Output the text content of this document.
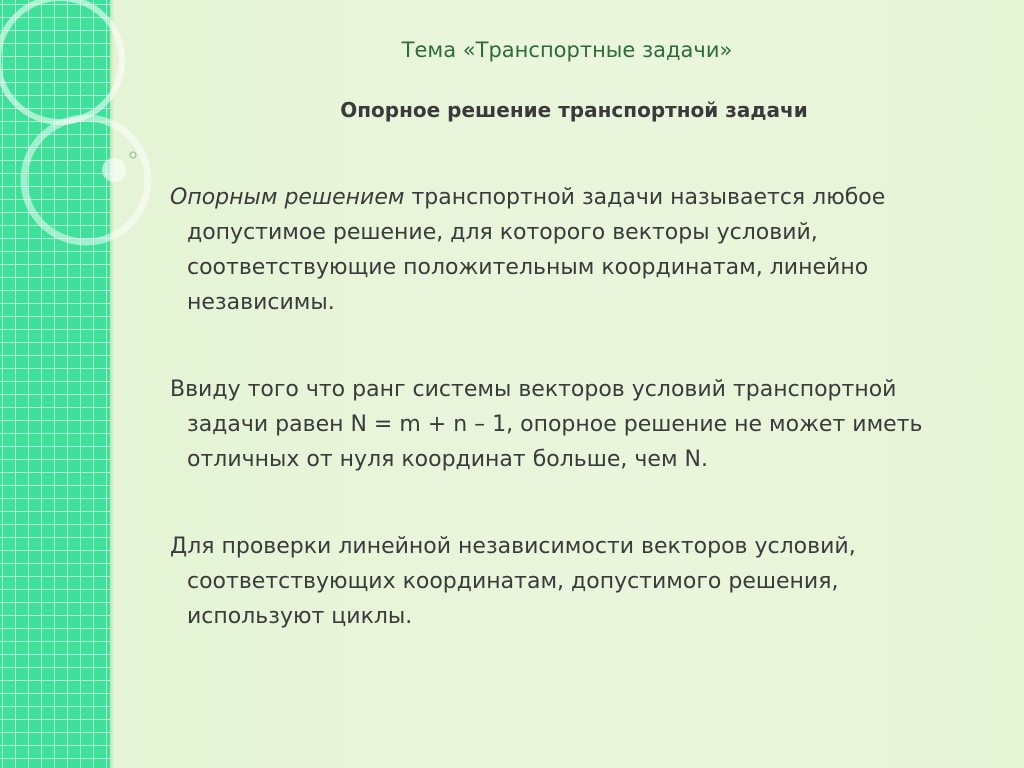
Тема «Транспортные задачи»
Опорное решение транспортной задачи

Опорным решением транспортной задачи называется любое допустимое решение, для которого векторы условий, соответствующие положительным координатам, линейно независимы.

Ввиду того что ранг системы векторов условий транспортной задачи равен N = m + n – 1, опорное решение не может иметь отличных от нуля координат больше, чем N.

Для проверки линейной независимости векторов условий, соответствующих координатам, допустимого решения, используют циклы.
